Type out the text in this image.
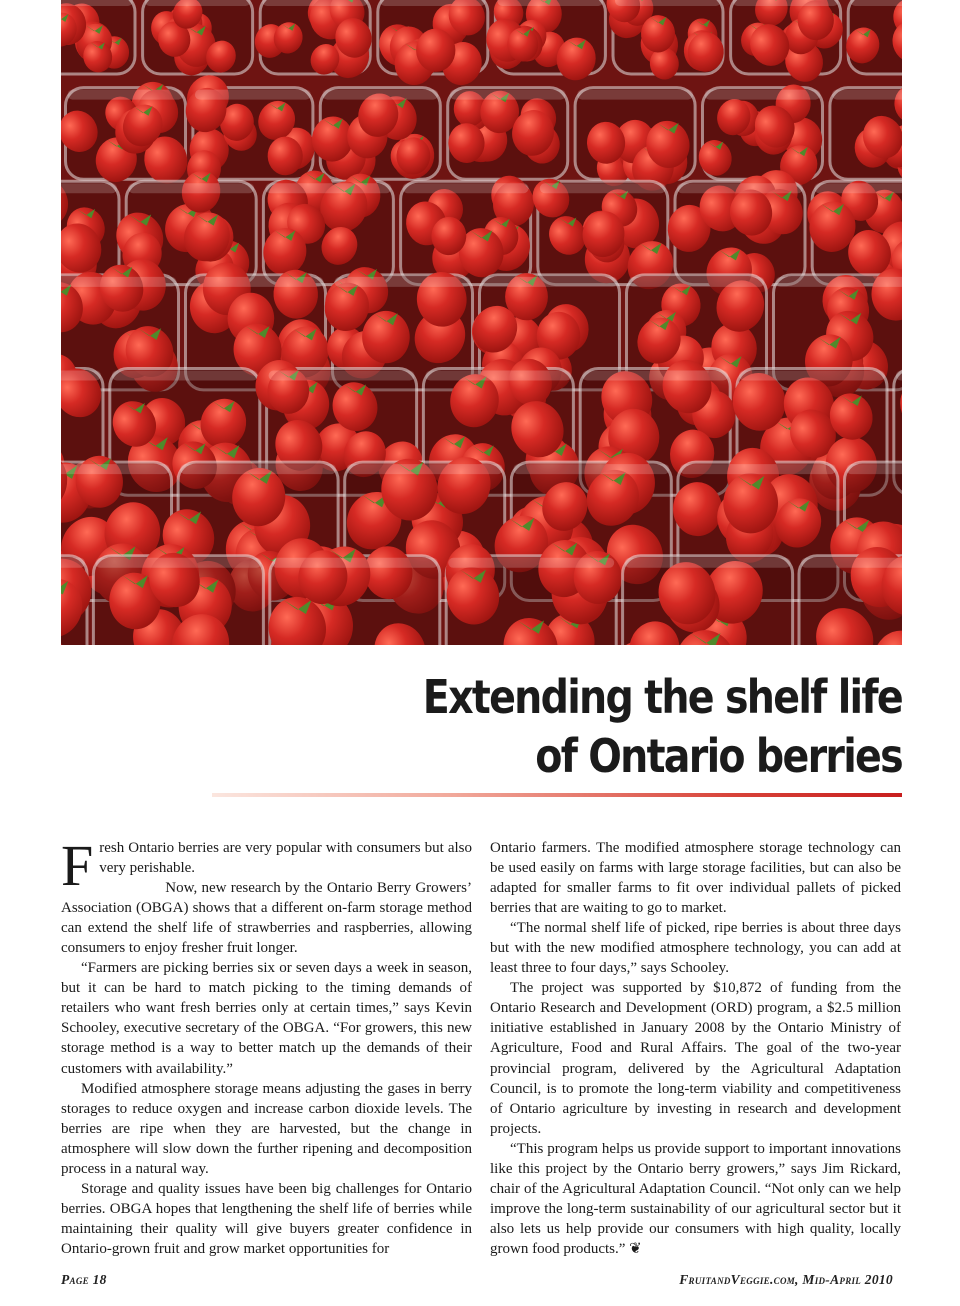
Extending the shelf life
of Ontario berries

Fresh Ontario berries are very popular with consumers but also very perishable.

Now, new research by the Ontario Berry Growers’ Association (OBGA) shows that a different on-farm storage method can extend the shelf life of strawberries and raspberries, allowing consumers to enjoy fresher fruit longer.

“Farmers are picking berries six or seven days a week in season, but it can be hard to match picking to the timing demands of retailers who want fresh berries only at certain times,” says Kevin Schooley, executive secretary of the OBGA. “For growers, this new storage method is a way to better match up the demands of their customers with availability.”

Modified atmosphere storage means adjusting the gases in berry storages to reduce oxygen and increase carbon dioxide levels. The berries are ripe when they are harvested, but the change in atmosphere will slow down the further ripening and decomposition process in a natural way.

Storage and quality issues have been big challenges for Ontario berries. OBGA hopes that lengthening the shelf life of berries while maintaining their quality will give buyers greater confidence in Ontario-grown fruit and grow market opportunities for

Ontario farmers. The modified atmosphere storage technology can be used easily on farms with large storage facilities, but can also be adapted for smaller farms to fit over individual pallets of picked berries that are waiting to go to market.

“The normal shelf life of picked, ripe berries is about three days but with the new modified atmosphere technology, you can add at least three to four days,” says Schooley.

The project was supported by $10,872 of funding from the Ontario Research and Development (ORD) program, a $2.5 million initiative established in January 2008 by the Ontario Ministry of Agriculture, Food and Rural Affairs. The goal of the two-year provincial program, delivered by the Agricultural Adaptation Council, is to promote the long-term viability and competitiveness of Ontario agriculture by investing in research and development projects.

“This program helps us provide support to important innovations like this project by the Ontario berry growers,” says Jim Rickard, chair of the Agricultural Adaptation Council. “Not only can we help improve the long-term sustainability of our agricultural sector but it also lets us help provide our consumers with high quality, locally grown food products.” ❦

Page 18	FruitandVeggie.com, Mid-April 2010
